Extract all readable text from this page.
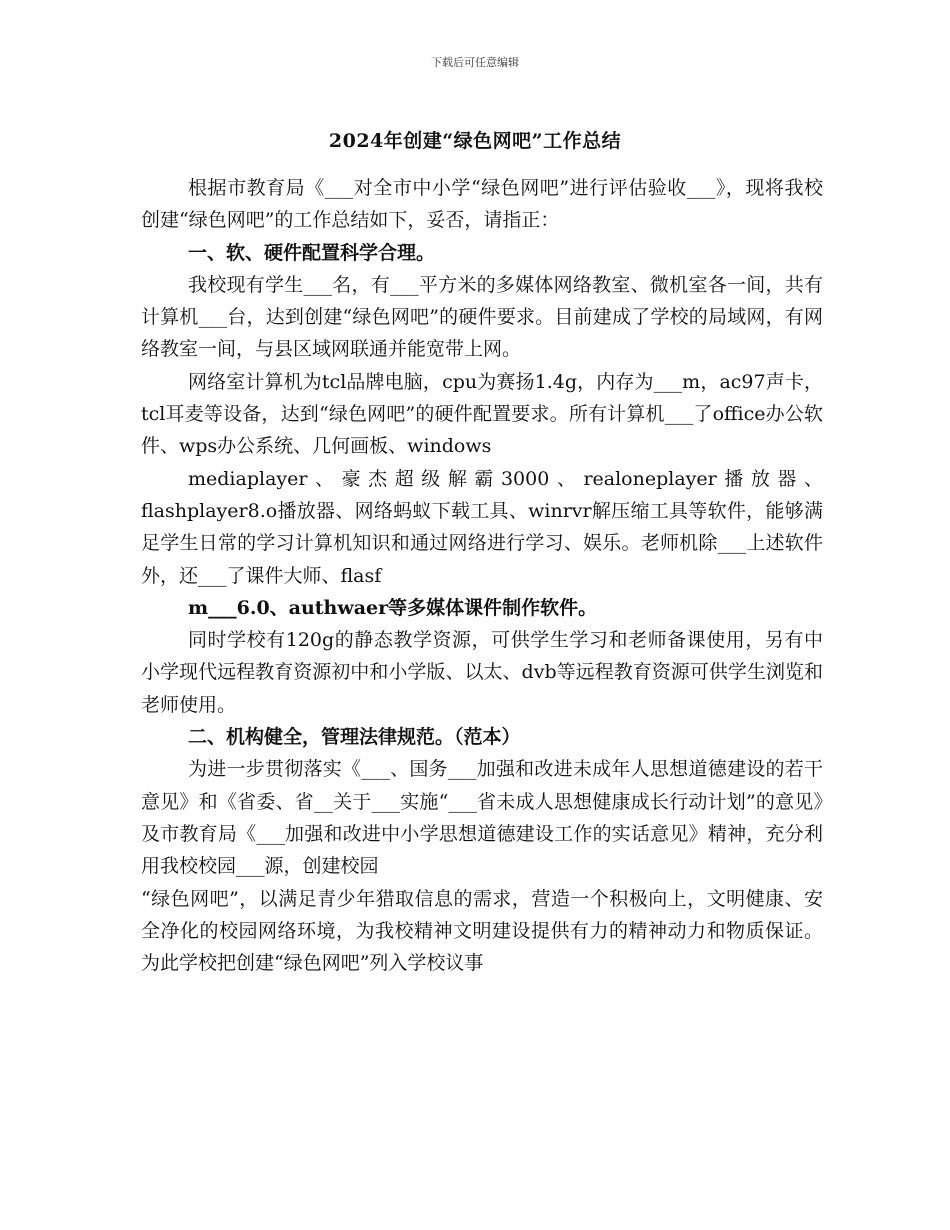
下载后可任意编辑
2024年创建“绿色网吧”工作总结

根据市教育局《___对全市中小学“绿色网吧”进行评估验收___》，现将我校创建“绿色网吧”的工作总结如下，妥否，请指正：

一、软、硬件配置科学合理。

我校现有学生___名，有___平方米的多媒体网络教室、微机室各一间，共有计算机___台，达到创建“绿色网吧”的硬件要求。目前建成了学校的局域网，有网络教室一间，与县区域网联通并能宽带上网。

网络室计算机为tcl品牌电脑，cpu为赛扬1.4g，内存为___m，ac97声卡，tcl耳麦等设备，达到“绿色网吧”的硬件配置要求。所有计算机___了office办公软件、wps办公系统、几何画板、windows

mediaplayer、豪杰超级解霸3000、realoneplayer播放器、flashplayer8.o播放器、网络蚂蚁下载工具、winrvr解压缩工具等软件，能够满足学生日常的学习计算机知识和通过网络进行学习、娱乐。老师机除___上述软件外，还___了课件大师、flasf

m___6.0、authwaer等多媒体课件制作软件。

同时学校有120g的静态教学资源，可供学生学习和老师备课使用，另有中小学现代远程教育资源初中和小学版、以太、dvb等远程教育资源可供学生浏览和老师使用。

二、机构健全，管理法律规范。（范本）

为进一步贯彻落实《___、国务___加强和改进未成年人思想道德建设的若干意见》和《省委、省__关于___实施“___省未成人思想健康成长行动计划”的意见》及市教育局《___加强和改进中小学思想道德建设工作的实话意见》精神，充分利用我校校园___源，创建校园

“绿色网吧”，以满足青少年猎取信息的需求，营造一个积极向上，文明健康、安全净化的校园网络环境，为我校精神文明建设提供有力的精神动力和物质保证。为此学校把创建“绿色网吧”列入学校议事
